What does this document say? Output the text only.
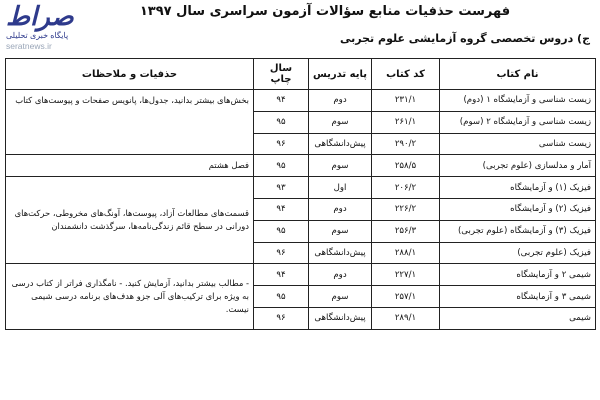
صراط
پایگاه خبری تحلیلی
seratnews.ir
فهرست حذفیات منابع سؤالات آزمون سراسری سال ۱۳۹۷
ج) دروس تخصصی گروه آزمایشی علوم تجربی
نام کتاب	کد کتاب	پایه تدریس	سال چاپ	حذفیات و ملاحظات
زیست شناسی و آزمایشگاه ۱ (دوم)	۲۳۱/۱	دوم	۹۴	بخش‌های بیشتر بدانید، جدول‌ها، پانویس صفحات و پیوست‌های کتاب
زیست شناسی و آزمایشگاه ۲ (سوم)	۲۶۱/۱	سوم	۹۵	
زیست شناسی	۲۹۰/۲	پیش‌دانشگاهی	۹۶	
آمار و مدلسازی (علوم تجربی)	۲۵۸/۵	سوم	۹۵	فصل هشتم
فیزیک (۱) و آزمایشگاه	۲۰۶/۲	اول	۹۳	قسمت‌های مطالعات آزاد، پیوست‌ها، آونگ‌های مخروطی، حرکت‌های دورانی در سطح قائم زندگی‌نامه‌ها، سرگذشت دانشمندان
فیزیک (۲) و آزمایشگاه	۲۲۶/۲	دوم	۹۴	
فیزیک (۳) و آزمایشگاه (علوم تجربی)	۲۵۶/۳	سوم	۹۵	
فیزیک (علوم تجربی)	۲۸۸/۱	پیش‌دانشگاهی	۹۶	
شیمی ۲ و آزمایشگاه	۲۲۷/۱	دوم	۹۴	- مطالب بیشتر بدانید، آزمایش کنید. - نامگذاری فراتر از کتاب درسی به ویژه برای ترکیب‌های آلی جزو هدف‌های برنامه درسی شیمی نیست.
شیمی ۳ و آزمایشگاه	۲۵۷/۱	سوم	۹۵	
شیمی	۲۸۹/۱	پیش‌دانشگاهی	۹۶	
